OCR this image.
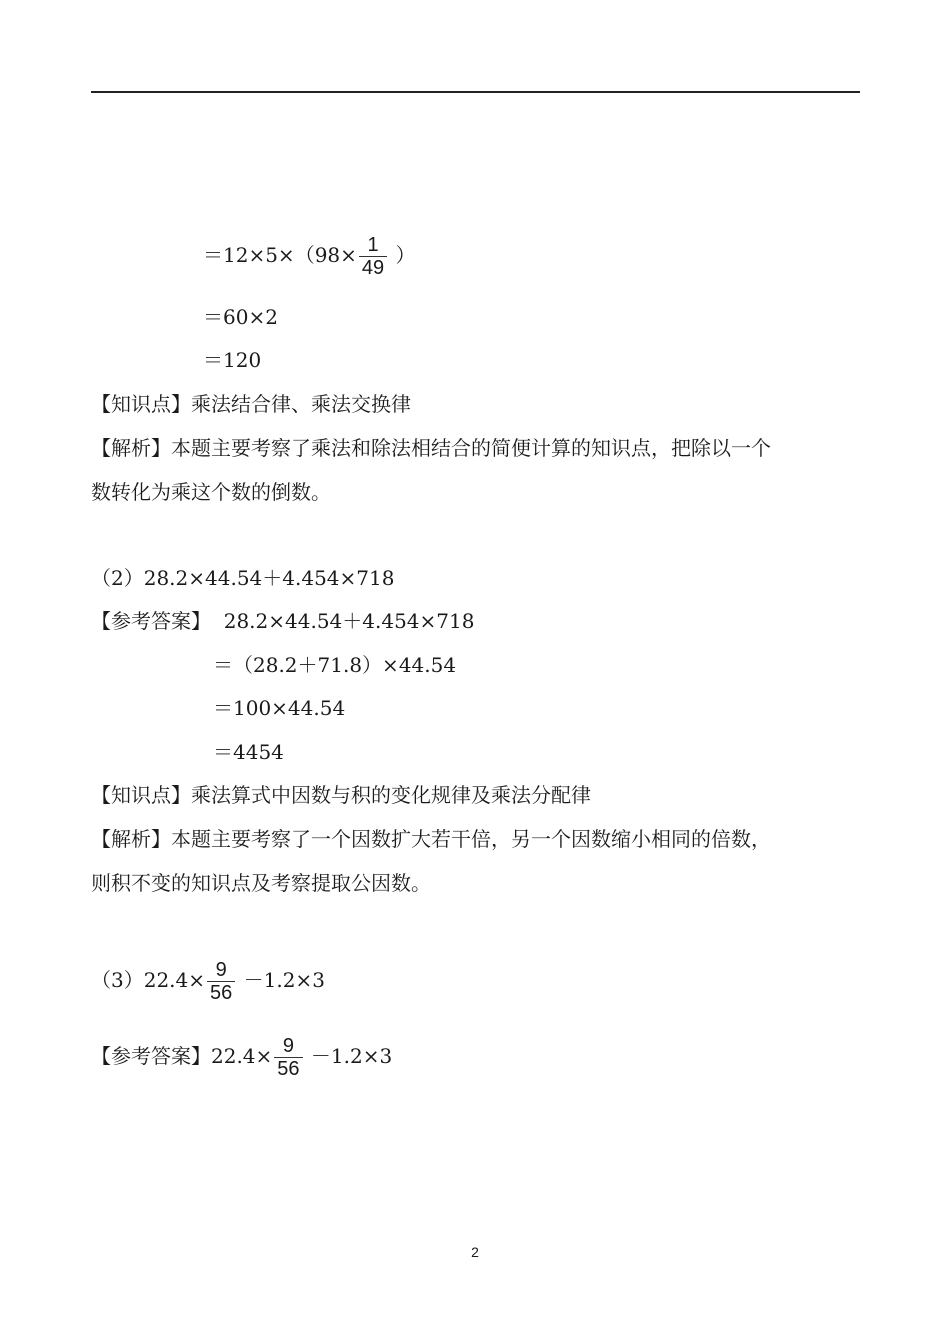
$=12\times 5\times(98\times \frac{1}{49}$ ）
＝60×2
＝120
【知识点】乘法结合律、乘法交换律
【解析】本题主要考察了乘法和除法相结合的简便计算的知识点，把除以一个
数转化为乘这个数的倒数。
（2）28.2×44.54＋4.454×718
【参考答案】 28.2×44.54＋4.454×718
＝（28.2＋71.8）×44.54
＝100×44.54
＝4454
【知识点】乘法算式中因数与积的变化规律及乘法分配律
【解析】本题主要考察了一个因数扩大若干倍，另一个因数缩小相同的倍数，
则积不变的知识点及考察提取公因数。
$(3)22.4\times \frac{9}{56} -1.2\times 3$
【参考答案】$22.4\times \frac{9}{56} -1.2\times 3$
2
